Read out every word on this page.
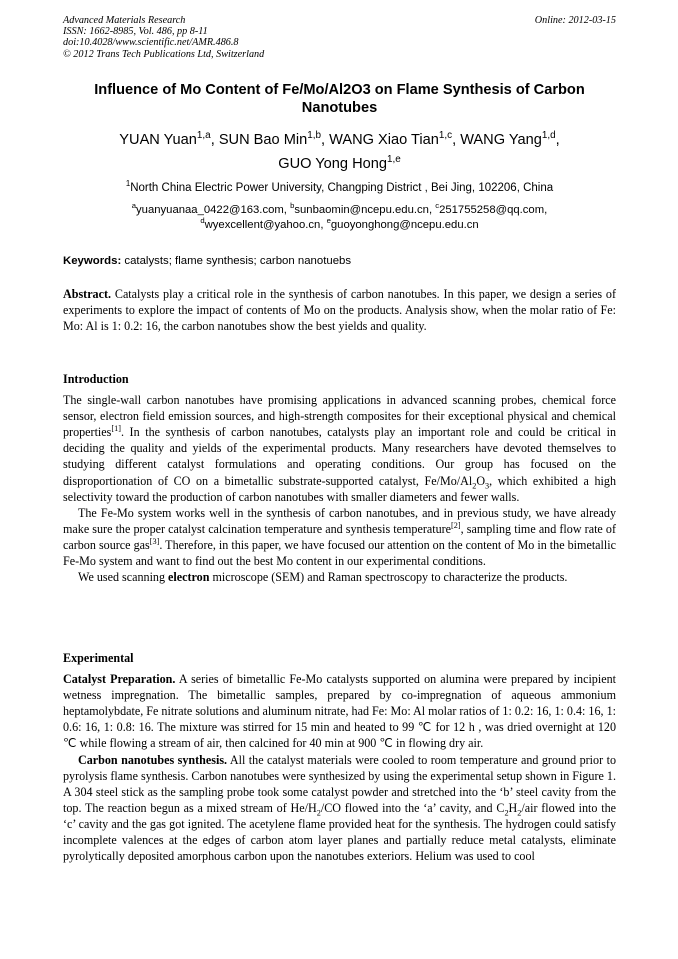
Advanced Materials Research
ISSN: 1662-8985, Vol. 486, pp 8-11
doi:10.4028/www.scientific.net/AMR.486.8
© 2012 Trans Tech Publications Ltd, Switzerland
Online: 2012-03-15
Influence of Mo Content of Fe/Mo/Al2O3 on Flame Synthesis of Carbon Nanotubes
YUAN Yuan$^{1,a}$, SUN Bao Min$^{1,b}$, WANG Xiao Tian$^{1,c}$, WANG Yang$^{1,d}$,
GUO Yong Hong$^{1,e}$
$^1$North China Electric Power University, Changping District , Bei Jing, 102206, China
$^a$yuanyuanaa_0422@163.com, $^b$sunbaomin@ncepu.edu.cn, $^c$251755258@qq.com,
$^d$wyexcellent@yahoo.cn, $^e$guoyonghong@ncepu.edu.cn
Keywords: catalysts; flame synthesis; carbon nanotuebs

Abstract. Catalysts play a critical role in the synthesis of carbon nanotubes. In this paper, we design a series of experiments to explore the impact of contents of Mo on the products. Analysis show, when the molar ratio of Fe: Mo: Al is 1: 0.2: 16, the carbon nanotubes show the best yields and quality.

Introduction

The single-wall carbon nanotubes have promising applications in advanced scanning probes, chemical force sensor, electron field emission sources, and high-strength composites for their exceptional physical and chemical properties[1]. In the synthesis of carbon nanotubes, catalysts play an important role and could be critical in deciding the quality and yields of the experimental products. Many researchers have devoted themselves to studying different catalyst formulations and operating conditions. Our group has focused on the disproportionation of CO on a bimetallic substrate-supported catalyst, $Fe/Mo/Al_2O_3$, which exhibited a high selectivity toward the production of carbon nanotubes with smaller diameters and fewer walls.

The Fe-Mo system works well in the synthesis of carbon nanotubes, and in previous study, we have already make sure the proper catalyst calcination temperature and synthesis temperature[2], sampling time and flow rate of carbon source gas[3]. Therefore, in this paper, we have focused our attention on the content of Mo in the bimetallic Fe-Mo system and want to find out the best Mo content in our experimental conditions.

We used scanning electron microscope (SEM) and Raman spectroscopy to characterize the products.

Experimental

Catalyst Preparation. A series of bimetallic Fe-Mo catalysts supported on alumina were prepared by incipient wetness impregnation. The bimetallic samples, prepared by co-impregnation of aqueous ammonium heptamolybdate, Fe nitrate solutions and aluminum nitrate, had Fe: Mo: Al molar ratios of 1: 0.2: 16, 1: 0.4: 16, 1: 0.6: 16, 1: 0.8: 16. The mixture was stirred for 15 min and heated to 99 ℃ for 12 h , was dried overnight at 120 ℃ while flowing a stream of air, then calcined for 40 min at 900 ℃ in flowing dry air.

Carbon nanotubes synthesis. All the catalyst materials were cooled to room temperature and ground prior to pyrolysis flame synthesis. Carbon nanotubes were synthesized by using the experimental setup shown in Figure 1. A 304 steel stick as the sampling probe took some catalyst powder and stretched into the ‘b’ steel cavity from the top. The reaction begun as a mixed stream of $He/H_2/CO$ flowed into the ‘a’ cavity, and $C_2H_2$/air flowed into the ‘c’ cavity and the gas got ignited. The acetylene flame provided heat for the synthesis. The hydrogen could satisfy incomplete valences at the edges of carbon atom layer planes and partially reduce metal catalysts, eliminate pyrolytically deposited amorphous carbon upon the nanotubes exteriors. Helium was used to cool
